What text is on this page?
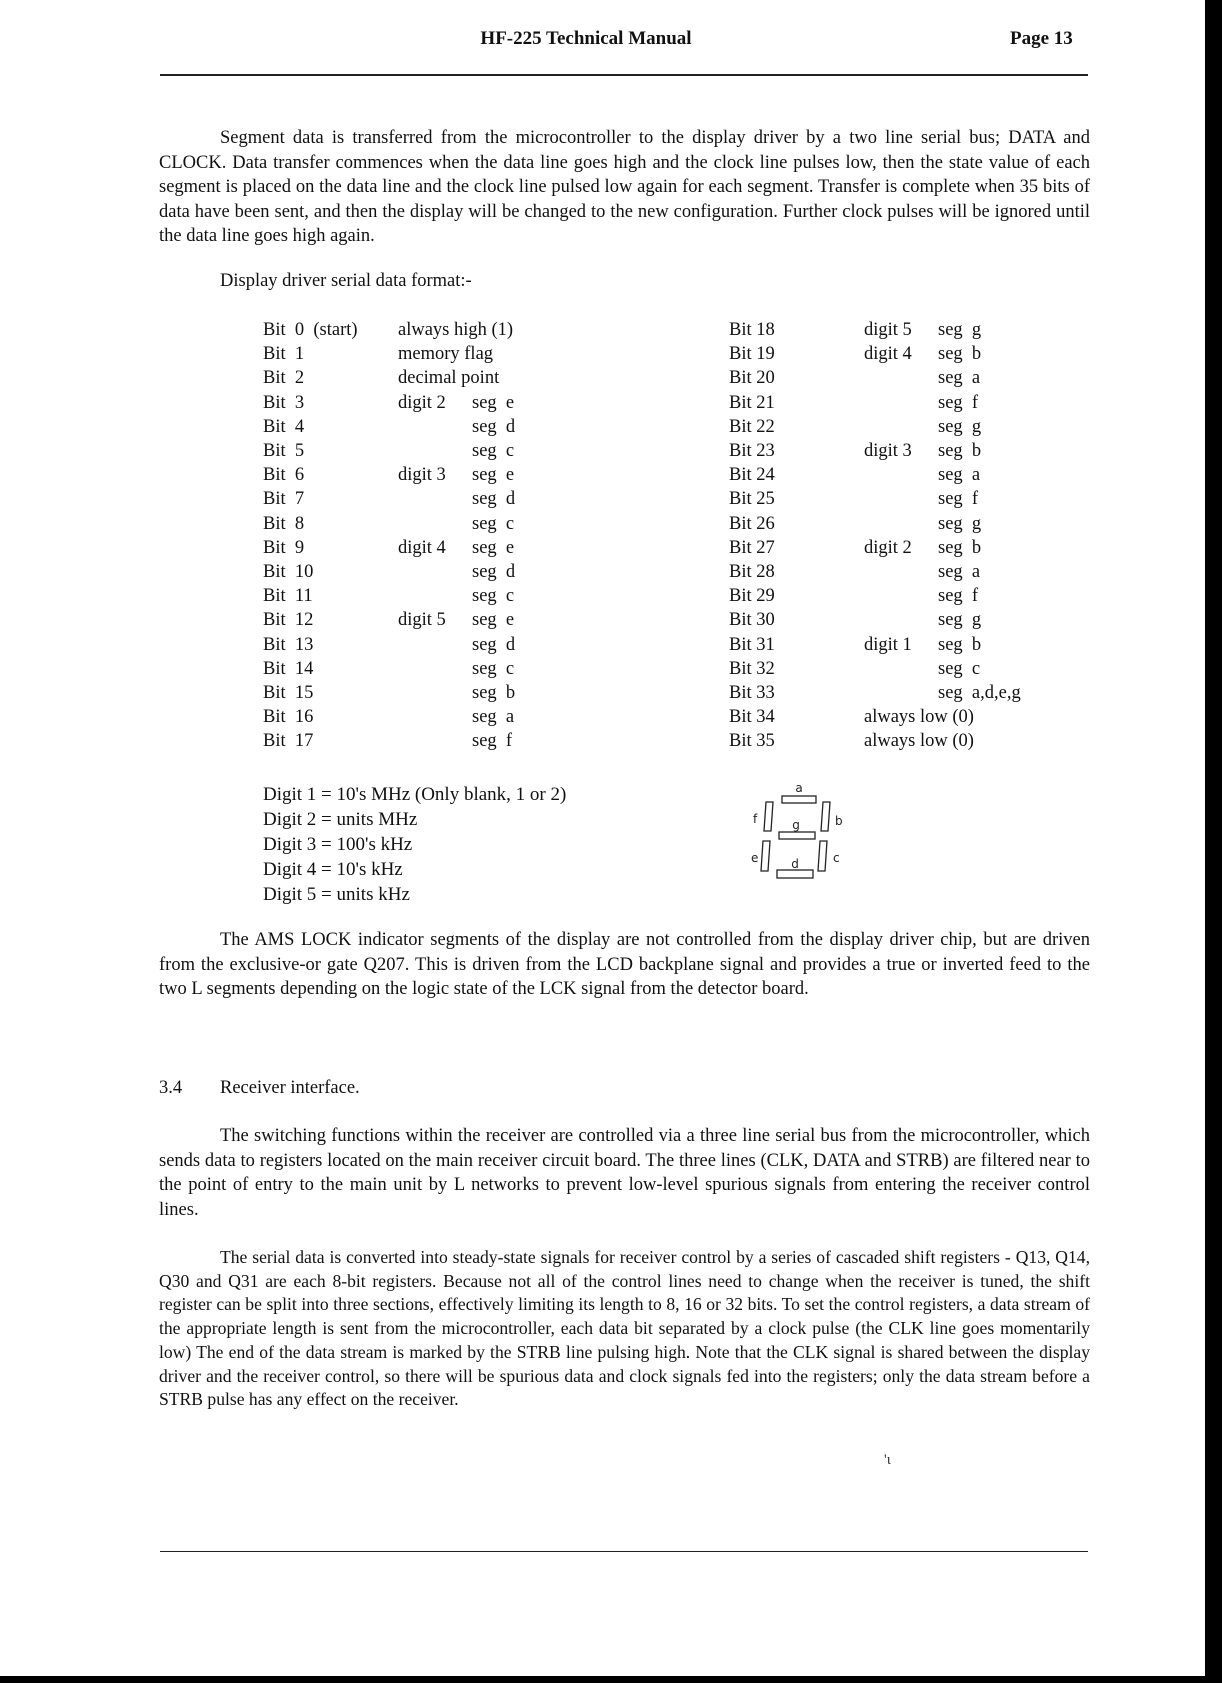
HF-225 Technical Manual	Page 13

Segment data is transferred from the microcontroller to the display driver by a two line serial bus; DATA and CLOCK. Data transfer commences when the data line goes high and the clock line pulses low, then the state value of each segment is placed on the data line and the clock line pulsed low again for each segment. Transfer is complete when 35 bits of data have been sent, and then the display will be changed to the new configuration. Further clock pulses will be ignored until the data line goes high again.

Display driver serial data format:-
Bit  0  (start) always high (1)
Bit  1	memory flag
Bit  2	decimal point
Bit  3	digit 2 seg  e
Bit  4	seg  d
Bit  5	seg  c
Bit  6	digit 3 seg  e
Bit  7	seg  d
Bit  8	seg  c
Bit  9	digit 4 seg  e
Bit  10	seg  d
Bit  11	seg  c
Bit  12	digit 5 seg  e
Bit  13	seg  d
Bit  14	seg  c
Bit  15	seg  b
Bit  16	seg  a
Bit  17	seg  f
Bit 18	digit 5 seg  g
Bit 19	digit 4 seg  b
Bit 20	seg  a
Bit 21	seg  f
Bit 22	seg  g
Bit 23	digit 3 seg  b
Bit 24	seg  a
Bit 25	seg  f
Bit 26	seg  g
Bit 27	digit 2 seg  b
Bit 28	seg  a
Bit 29	seg  f
Bit 30	seg  g
Bit 31	digit 1 seg  b
Bit 32	seg  c
Bit 33	seg  a,d,e,g
Bit 34	always low (0)
Bit 35	always low (0)
Digit 1 = 10's MHz (Only blank, 1 or 2)
Digit 2 = units MHz
Digit 3 = 100's kHz
Digit 4 = 10's kHz
Digit 5 = units kHz
a
f	b
g
e	c
d

The AMS LOCK indicator segments of the display are not controlled from the display driver chip, but are driven from the exclusive-or gate Q207. This is driven from the LCD backplane signal and provides a true or inverted feed to the two L segments depending on the logic state of the LCK signal from the detector board.

3.4 Receiver interface.

The switching functions within the receiver are controlled via a three line serial bus from the microcontroller, which sends data to registers located on the main receiver circuit board. The three lines (CLK, DATA and STRB) are filtered near to the point of entry to the main unit by L networks to prevent low-level spurious signals from entering the receiver control lines.

The serial data is converted into steady-state signals for receiver control by a series of cascaded shift registers - Q13, Q14, Q30 and Q31 are each 8-bit registers. Because not all of the control lines need to change when the receiver is tuned, the shift register can be split into three sections, effectively limiting its length to 8, 16 or 32 bits. To set the control registers, a data stream of the appropriate length is sent from the microcontroller, each data bit separated by a clock pulse (the CLK line goes momentarily low) The end of the data stream is marked by the STRB line pulsing high. Note that the CLK signal is shared between the display driver and the receiver control, so there will be spurious data and clock signals fed into the registers; only the data stream before a STRB pulse has any effect on the receiver.

'ɩ
